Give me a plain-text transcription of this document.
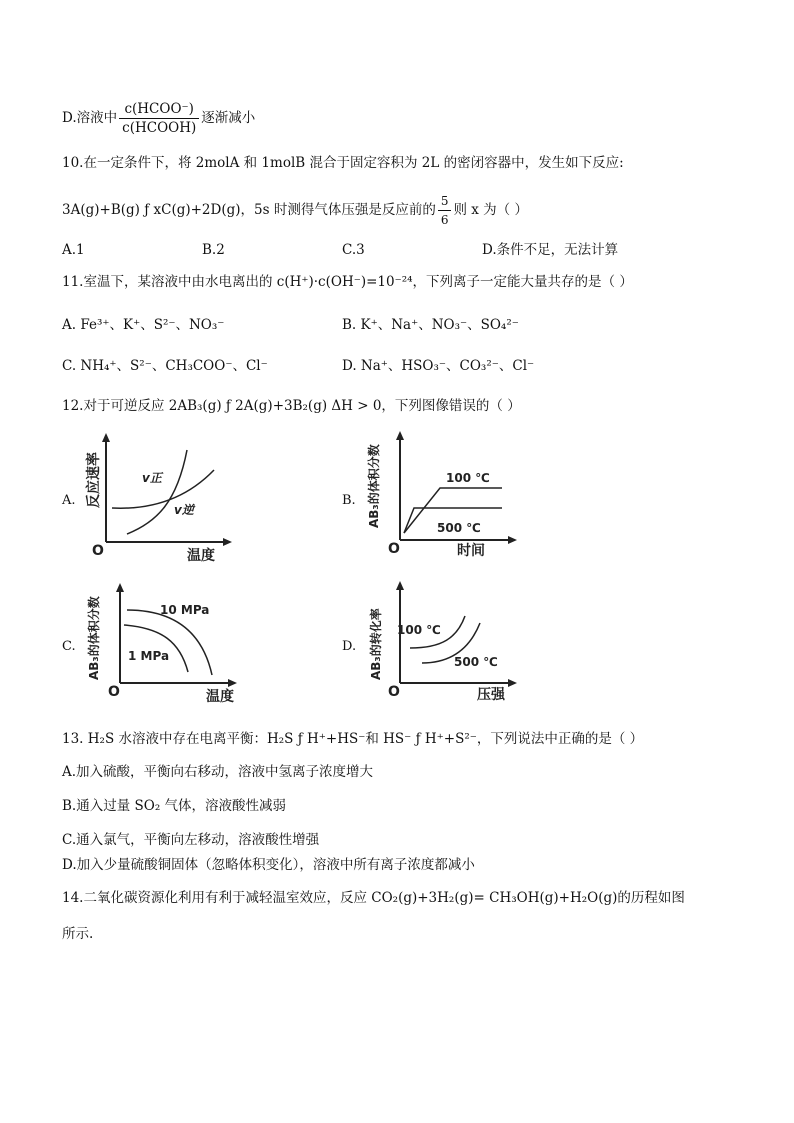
D.溶液中 $\frac{\text{c(HCOO⁻)}}{\text{c(HCOOH)}}$ 逐渐减小
10.在一定条件下，将 2molA 和 1molB 混合于固定容积为 2L 的密闭容器中，发生如下反应:
3A(g)+B(g) ƒ xC(g)+2D(g)，5s 时测得气体压强是反应前的 $\frac{5}{6}$ 则 x 为（ ）
A.1	B.2	C.3	D.条件不足，无法计算
11.室温下，某溶液中由水电离出的 c(H⁺)·c(OH⁻)=10⁻²⁴，下列离子一定能大量共存的是（ ）
A. Fe³⁺、K⁺、S²⁻、NO₃⁻	B. K⁺、Na⁺、NO₃⁻、SO₄²⁻
C. NH₄⁺、S²⁻、CH₃COO⁻、Cl⁻	D. Na⁺、HSO₃⁻、CO₃²⁻、Cl⁻
12.对于可逆反应 2AB₃(g) ƒ 2A(g)+3B₂(g) ΔH > 0，下列图像错误的（ ）
A.
O	温度
反应速率	v正
v逆
B.
O	时间
AB₃的体积分数	100 ℃
500 ℃
C.
O	温度
AB₃的体积分数	10 MPa
1 MPa
D.
O	压强
AB₃的转化率 100 ℃
500 ℃
13. H₂S 水溶液中存在电离平衡：H₂S ƒ H⁺+HS⁻和 HS⁻ ƒ H⁺+S²⁻，下列说法中正确的是（ ）
A.加入硫酸，平衡向右移动，溶液中氢离子浓度增大
B.通入过量 SO₂ 气体，溶液酸性减弱
C.通入氯气，平衡向左移动，溶液酸性增强
D.加入少量硫酸铜固体（忽略体积变化），溶液中所有离子浓度都减小
14.二氧化碳资源化利用有利于减轻温室效应，反应 CO₂(g)+3H₂(g)= CH₃OH(g)+H₂O(g)的历程如图
所示.
